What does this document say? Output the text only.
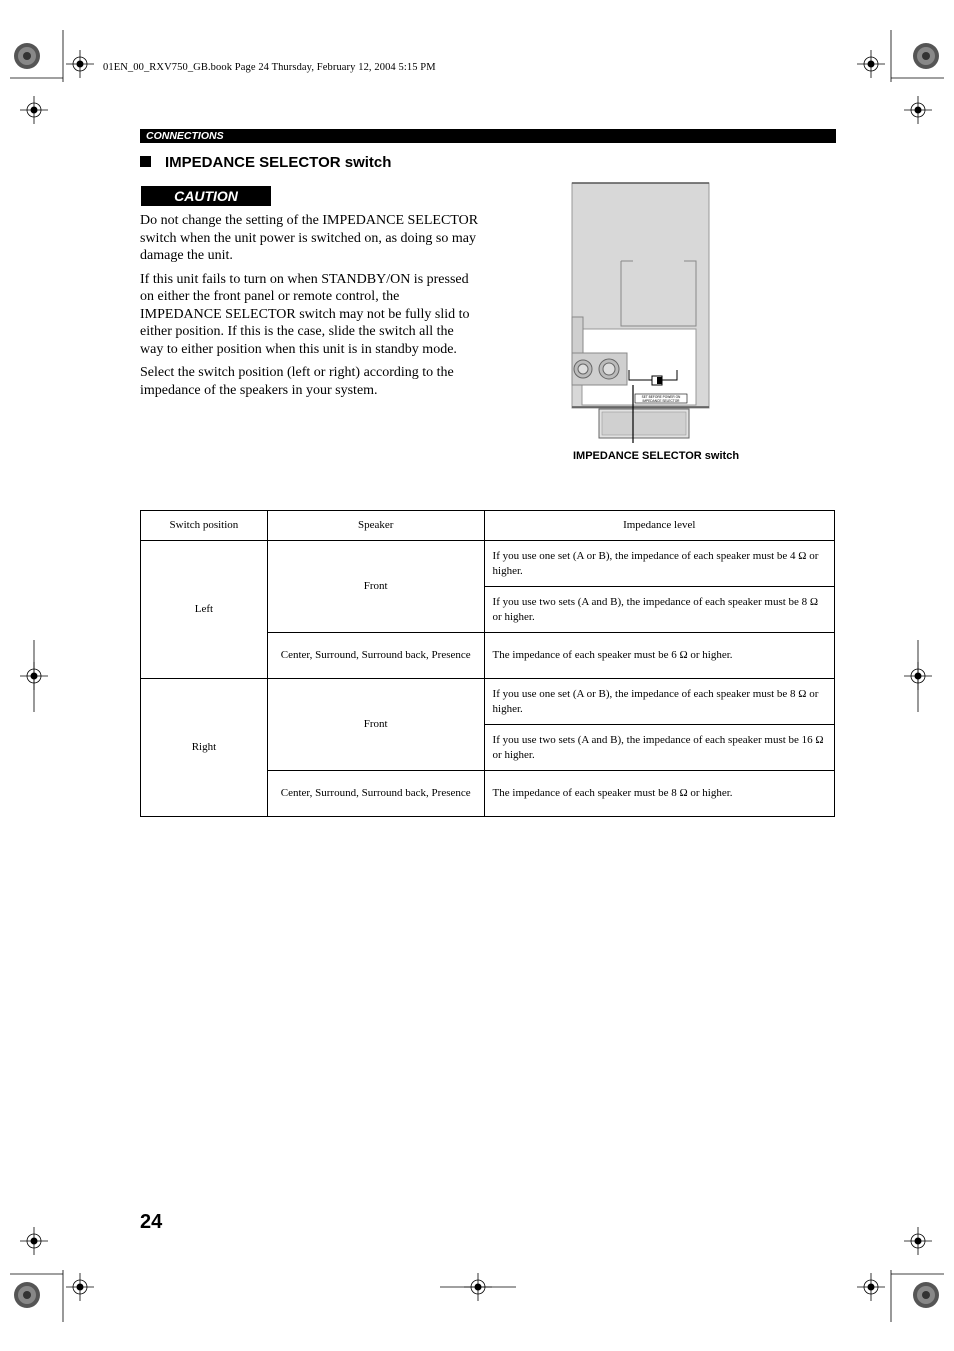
01EN_00_RXV750_GB.book Page 24 Thursday, February 12, 2004 5:15 PM
CONNECTIONS
IMPEDANCE SELECTOR switch
CAUTION

Do not change the setting of the IMPEDANCE SELECTOR switch when the unit power is switched on, as doing so may damage the unit.

If this unit fails to turn on when STANDBY/ON is pressed on either the front panel or remote control, the IMPEDANCE SELECTOR switch may not be fully slid to either position. If this is the case, slide the switch all the way to either position when this unit is in standby mode.

Select the switch position (left or right) according to the impedance of the speakers in your system.	SET BEFORE POWER ON
IMPEDANCE SELECTOR
IMPEDANCE SELECTOR switch
Switch position	Speaker	Impedance level
Left	Front	If you use one set (A or B), the impedance of each speaker must be 4 Ω or higher.
		If you use two sets (A and B), the impedance of each speaker must be 8 Ω or higher.
	Center, Surround, Surround back, Presence	The impedance of each speaker must be 6 Ω or higher.
Right	Front	If you use one set (A or B), the impedance of each speaker must be 8 Ω or higher.
		If you use two sets (A and B), the impedance of each speaker must be 16 Ω or higher.
	Center, Surround, Surround back, Presence	The impedance of each speaker must be 8 Ω or higher.
24
